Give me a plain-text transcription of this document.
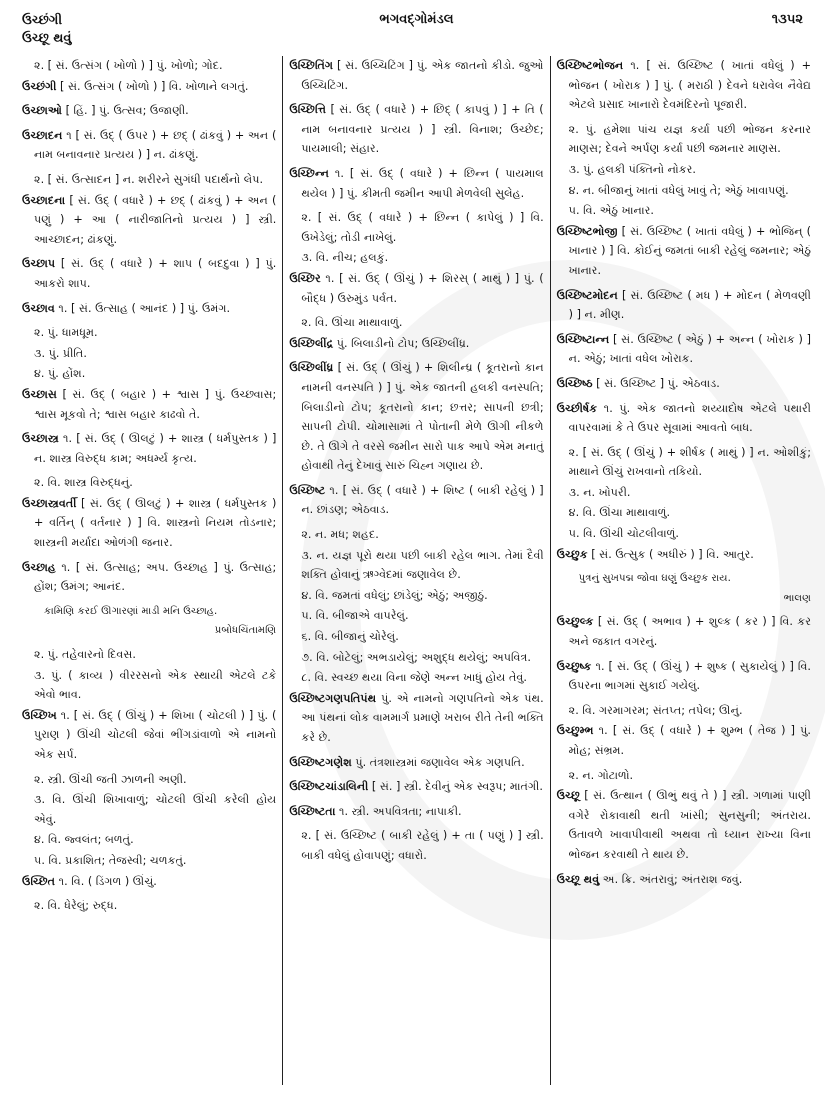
ઉચ્છંગી
ઉચ્છૂ થવું
ભગવદ્ગોમંડલ	૧૩૫૨

૨. [ સં. ઉત્સંગ ( ખોળો ) ] પું. ખોળો; ગોદ.

ઉચ્છંગી [ સં. ઉત્સંગ ( ખોળો ) ] વિ. ખોળાને લગતું.

ઉચ્છાઓ [ હિં. ] પું. ઉત્સવ; ઉજાણી.

ઉચ્છાદન ૧ [ સં. ઉદ્ ( ઉપર ) + છદ્ ( ઢાંકવું ) + અન ( નામ બનાવનાર પ્રત્યય ) ] ન. ઢાંકણું.

૨. [ સં. ઉત્સાદન ] ન. શરીરને સુગંધી પદાર્થનો લેપ.

ઉચ્છાદના [ સં. ઉદ્ ( વધારે ) + છદ્ ( ઢાંકવું ) + અન ( પણું ) + આ ( નારીજાતિનો પ્રત્યય ) ] સ્ત્રી. આચ્છાદન; ઢાંકણું.

ઉચ્છાપ [ સં. ઉદ્ ( વધારે ) + શાપ ( બદદુવા ) ] પું. આકરો શાપ.

ઉચ્છાવ ૧. [ સં. ઉત્સાહ ( આનંદ ) ] પું. ઉમંગ.

૨. પું. ધામધૂમ.

૩. પું. પ્રીતિ.

૪. પું. હોંશ.

ઉચ્છાસ [ સં. ઉદ્ ( બહાર ) + શ્વાસ ] પું. ઉચ્છ્વાસ; શ્વાસ મૂકવો તે; શ્વાસ બહાર કાઢવો તે.

ઉચ્છાસ્ત્ર ૧. [ સં. ઉદ્ ( ઊલટું ) + શાસ્ત્ર ( ધર્મપુસ્તક ) ] ન. શાસ્ત્ર વિરુદ્ધ કામ; અધર્મ્ય કૃત્ય.

૨. વિ. શાસ્ત્ર વિરુદ્ધનું.

ઉચ્છાસ્ત્રવર્તી [ સં. ઉદ્ ( ઊલટું ) + શાસ્ત્ર ( ધર્મપુસ્તક ) + વર્તિન્ ( વર્તનાર ) ] વિ. શાસ્ત્રનો નિયમ તોડનાર; શાસ્ત્રની મર્યાદા ઓળંગી જનાર.

ઉચ્છાહ ૧. [ સં. ઉત્સાહ; અપ. ઉચ્છાહ ] પું. ઉત્સાહ; હોંશ; ઉમંગ; આનંદ.

કામિણિ કરઈ ઊગારણાં માડી મનિ ઉચ્છાહ.

પ્રબોધચિંતામણિ

૨. પું. તહેવારનો દિવસ.

૩. પું. ( કાવ્ય ) વીરરસનો એક સ્થાયી એટલે ટકે એવો ભાવ.

ઉચ્છિખ ૧. [ સં. ઉદ્ ( ઊંચું ) + શિખા ( ચોટલી ) ] પું. ( પુરાણ ) ઊંચી ચોટલી જેવાં ભીંગડાંવાળો એ નામનો એક સર્પ.

૨. સ્ત્રી. ઊંચી જતી ઝાળની અણી.

૩. વિ. ઊંચી શિખાવાળું; ચોટલી ઊંચી કરેલી હોય એવું.

૪. વિ. જ્વલંત; બળતું.

૫. વિ. પ્રકાશિત; તેજસ્વી; ચળકતું.

ઉચ્છિત ૧. વિ. ( ડિંગળ ) ઊંચું.

૨. વિ. ધેરેલું; રુદ્ધ.

ઉચ્છિતિંગ [ સં. ઉચ્ચિટિંગ ] પું. એક જાતનો કીડો. જુઓ ઉચ્ચિટિંગ.

ઉચ્છિત્તિ [ સં. ઉદ્ ( વધારે ) + છિદ્ ( કાપવું ) ] + તિ ( નામ બનાવનાર પ્રત્યય ) ] સ્ત્રી. વિનાશ; ઉચ્છેદ; પાયમાલી; સંહાર.

ઉચ્છિન્ન ૧. [ સં. ઉદ્ ( વધારે ) + છિન્ન ( પાયમાલ થયેલ ) ] પું. કીમતી જમીન આપી મેળવેલી સુલેહ.

૨. [ સં. ઉદ્ ( વધારે ) + છિન્ન ( કાપેલું ) ] વિ. ઉખેડેલું; તોડી નાખેલું.

૩. વિ. નીચ; હલકું.

ઉચ્છિર ૧. [ સં. ઉદ્ ( ઊંચું ) + શિરસ્ ( માથું ) ] પું. ( બૌદ્ધ ) ઉરુમુંડ પર્વત.

૨. વિ. ઊંચા માથાવાળું.

ઉચ્છિલીંદ્ર પું. બિલાડીનો ટોપ; ઉચ્છિલીંધ્ર.

ઉચ્છિલીંધ્ર [ સં. ઉદ્ ( ઊંચું ) + શિલીન્ધ્ર ( કૂતરાનો કાન નામની વનસ્પતિ ) ] પું. એક જાતની હલકી વનસ્પતિ; બિલાડીનો ટોપ; કૂતરાનો કાન; છત્તર; સાપની છત્રી; સાપની ટોપી. ચોમાસામાં તે પોતાની મેળે ઊગી નીકળે છે. તે ઊગે તે વરસે જમીન સારો પાક આપે એમ મનાતું હોવાથી તેનું દેખાવું સારું ચિહ્ન ગણાય છે.

ઉચ્છિષ્ટ ૧. [ સં. ઉદ્ ( વધારે ) + શિષ્ટ ( બાકી રહેલું ) ] ન. છાંડણ; એઠવાડ.

૨. ન. મધ; શહદ.

૩. ન. યજ્ઞ પૂરો થયા પછી બાકી રહેલ ભાગ. તેમાં દૈવી શક્તિ હોવાનું ઋગ્વેદમાં જણાવેલ છે.

૪. વિ. જમતાં વધેલું; છાંડેલું; એઠું; અજીઠું.

૫. વિ. બીજાએ વાપરેલું.

૬. વિ. બીજાનું ચોરેલું.

૭. વિ. બોટેલું; અભડાયેલું; અશુદ્ધ થયેલું; અપવિત્ર.

૮. વિ. સ્વચ્છ થયા વિના જેણે અન્ન ખાધું હોય તેવું.

ઉચ્છિષ્ટગણપતિપંથ પું. એ નામનો ગણપતિનો એક પંથ. આ પંથનાં લોક વામમાર્ગ પ્રમાણે ખરાબ રીતે તેની ભક્તિ કરે છે.

ઉચ્છિષ્ટગણેશ પું. તંત્રશાસ્ત્રમાં જણાવેલ એક ગણપતિ.

ઉચ્છિષ્ટચાંડાલિની [ સં. ] સ્ત્રી. દેવીનું એક સ્વરૂપ; માતંગી.

ઉચ્છિષ્ટતા ૧. સ્ત્રી. અપવિત્રતા; નાપાકી.

૨. [ સં. ઉચ્છિષ્ટ ( બાકી રહેલું ) + તા ( પણું ) ] સ્ત્રી. બાકી વધેલું હોવાપણું; વધારો.

ઉચ્છિષ્ટભોજન ૧. [ સં. ઉચ્છિષ્ટ ( ખાતાં વધેલું ) + ભોજન ( ખોરાક ) ] પું. ( મરાઠી ) દેવને ધરાવેલ નૈવેદ્ય એટલે પ્રસાદ ખાનારો દેવમંદિરનો પૂજારી.

૨. પું. હમેશા પાંચ યજ્ઞ કર્યા પછી ભોજન કરનાર માણસ; દેવને અર્પણ કર્યા પછી જમનાર માણસ.

૩. પું. હલકી પંક્તિનો નોકર.

૪. ન. બીજાનું ખાતાં વધેલું ખાવું તે; એઠું ખાવાપણું.

૫. વિ. એઠું ખાનાર.

ઉચ્છિષ્ટભોજી [ સં. ઉચ્છિષ્ટ ( ખાતાં વધેલું ) + ભોજિન્ ( ખાનાર ) ] વિ. કોઈનું જમતાં બાકી રહેલું જમનાર; એઠું ખાનાર.

ઉચ્છિષ્ટમોદન [ સં. ઉચ્છિષ્ટ ( મધ ) + મોદન ( મેળવણી ) ] ન. મીણ.

ઉચ્છિષ્ટાન્ન [ સં. ઉચ્છિષ્ટ ( એઠું ) + અન્ન ( ખોરાક ) ] ન. એઠું; ખાતાં વધેલ ખોરાક.

ઉચ્છિષ્ઠ [ સં. ઉચ્છિષ્ટ ] પું. એઠવાડ.

ઉચ્છીર્ષક ૧. પું. એક જાતનો શય્યાદોષ એટલે પથારી વાપરવામાં કે તે ઉપર સૂવામાં આવતો બાધ.

૨. [ સં. ઉદ્ ( ઊંચું ) + શીર્ષક ( માથું ) ] ન. ઓશીકું; માથાને ઊંચું રાખવાનો તકિયો.

૩. ન. ખોપરી.

૪. વિ. ઊંચા માથાવાળું.

૫. વિ. ઊંચી ચોટલીવાળું.

ઉચ્છુક [ સં. ઉત્સુક ( અધીરું ) ] વિ. આતુર.

પુત્રનું સુખપદ્મ જોવા ઘણું ઉચ્છુક રાય.

ભાલણ

ઉચ્છુલ્ક [ સં. ઉદ્ ( અભાવ ) + શુલ્ક ( કર ) ] વિ. કર અને જકાત વગરનું.

ઉચ્છુષ્ક ૧. [ સં. ઉદ્ ( ઊંચું ) + શુષ્ક ( સુકાયેલું ) ] વિ. ઉપરના ભાગમાં સુકાઈ ગયેલું.

૨. વિ. ગરમાગરમ; સંતપ્ત; તપેલ; ઊનું.

ઉચ્છુમ્ભ ૧. [ સં. ઉદ્ ( વધારે ) + શુમ્ભ ( તેજ ) ] પું. મોહ; સંભ્રમ.

૨. ન. ગોટાળો.

ઉચ્છૂ [ સં. ઉત્થાન ( ઊભું થવું તે ) ] સ્ત્રી. ગળામાં પાણી વગેરે રોકાવાથી થતી ખાંસી; સુનસુની; અંતરાય. ઉતાવળે ખાવાપીવાથી અથવા તો ધ્યાન રાખ્યા વિના ભોજન કરવાથી તે થાય છે.

ઉચ્છૂ થવું અ. ક્રિ. અંતરાવું; અંતરાશ જવું.
